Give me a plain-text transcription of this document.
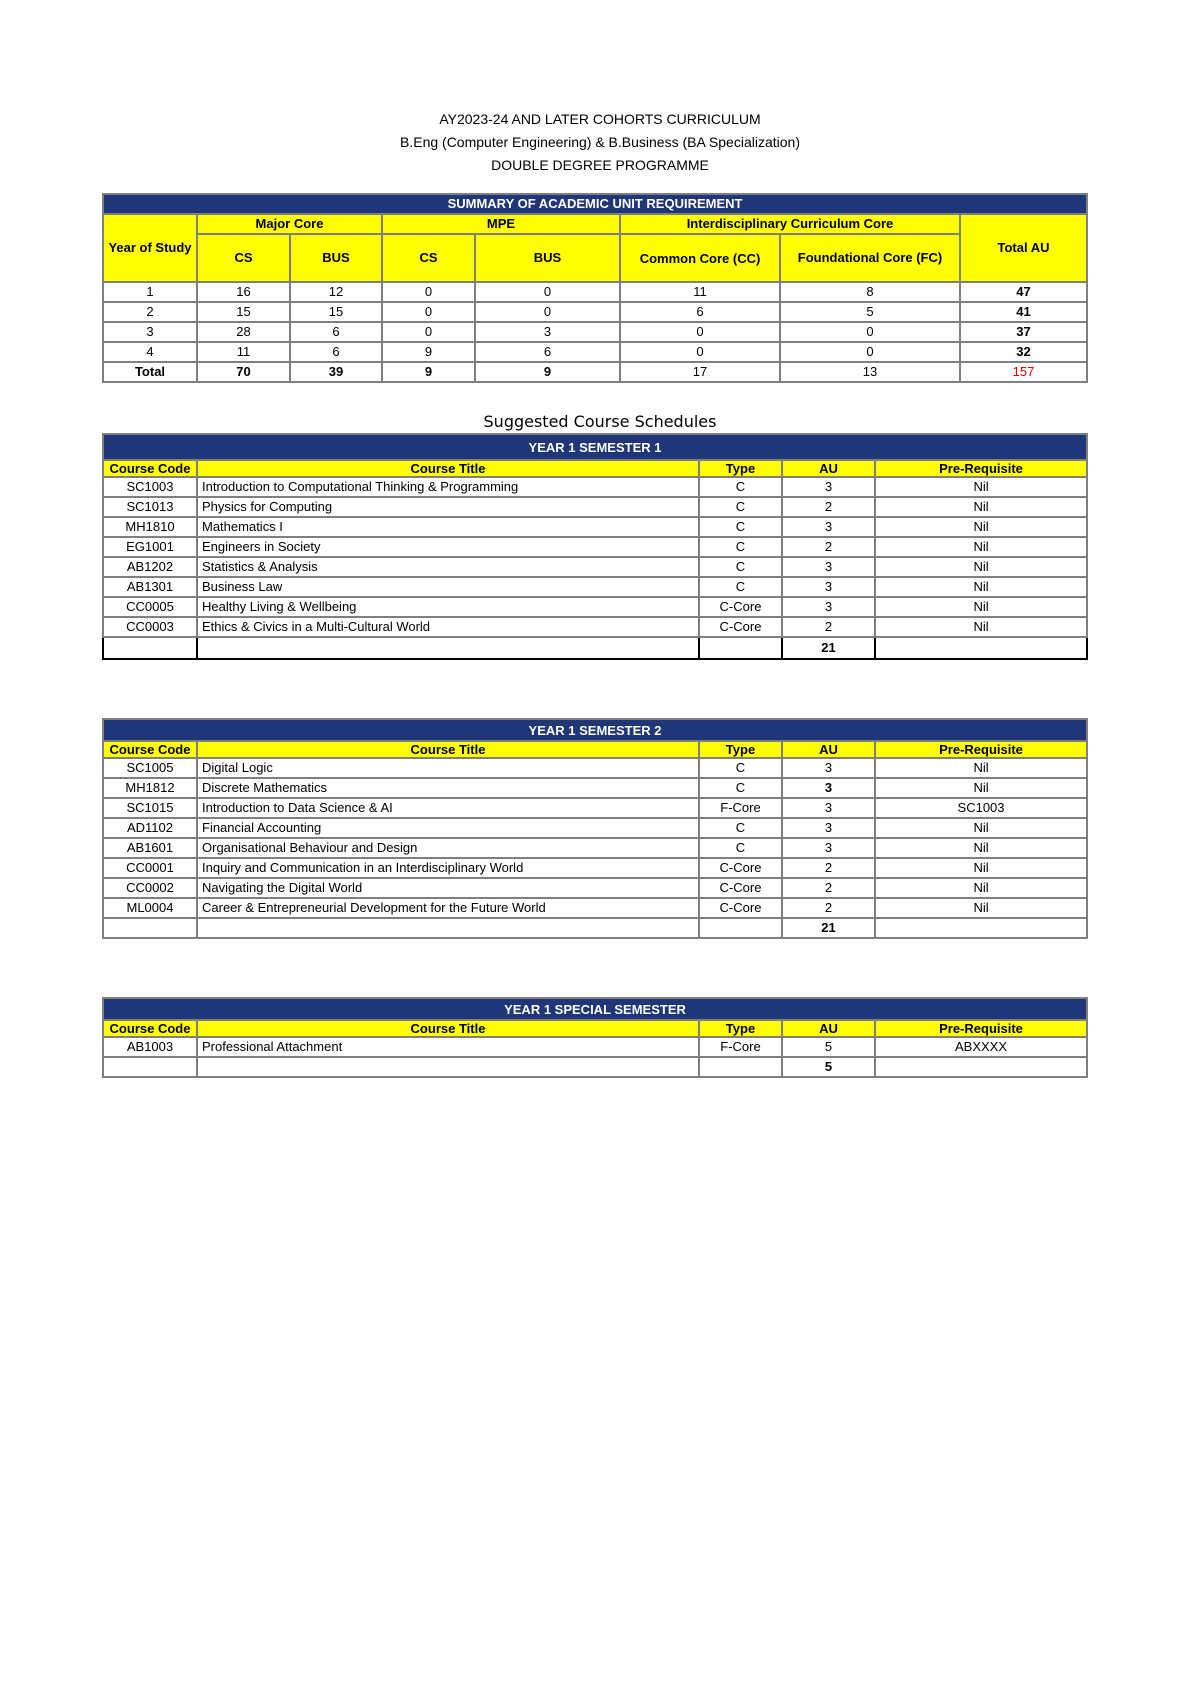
AY2023-24 AND LATER COHORTS CURRICULUM
B.Eng (Computer Engineering) & B.Business (BA Specialization)
DOUBLE DEGREE PROGRAMME
SUMMARY OF ACADEMIC UNIT REQUIREMENT							
Year of Study	Major Core		MPE		Interdisciplinary Curriculum Core		Total AU
	CS	BUS	CS	BUS	Common Core (CC)	Foundational Core (FC)	
1	16	12	0	0	11	8	47
2	15	15	0	0	6	5	41
3	28	6	0	3	0	0	37
4	11	6	9	6	0	0	32
Total	70	39	9	9	17	13	157
Suggested Course Schedules
YEAR 1 SEMESTER 1				
Course Code	Course Title	Type	AU	Pre-Requisite
SC1003	Introduction to Computational Thinking & Programming	C	3	Nil
SC1013	Physics for Computing	C	2	Nil
MH1810	Mathematics I	C	3	Nil
EG1001	Engineers in Society	C	2	Nil
AB1202	Statistics & Analysis	C	3	Nil
AB1301	Business Law	C	3	Nil
CC0005	Healthy Living & Wellbeing	C-Core	3	Nil
CC0003	Ethics & Civics in a Multi-Cultural World	C-Core	2	Nil
			21	
YEAR 1 SEMESTER 2				
Course Code	Course Title	Type	AU	Pre-Requisite
SC1005	Digital Logic	C	3	Nil
MH1812	Discrete Mathematics	C	3	Nil
SC1015	Introduction to Data Science & AI	F-Core	3	SC1003
AD1102	Financial Accounting	C	3	Nil
AB1601	Organisational Behaviour and Design	C	3	Nil
CC0001	Inquiry and Communication in an Interdisciplinary World	C-Core	2	Nil
CC0002	Navigating the Digital World	C-Core	2	Nil
ML0004	Career & Entrepreneurial Development for the Future World	C-Core	2	Nil
			21	
YEAR 1 SPECIAL SEMESTER				
Course Code	Course Title	Type	AU	Pre-Requisite
AB1003	Professional Attachment	F-Core	5	ABXXXX
			5	
